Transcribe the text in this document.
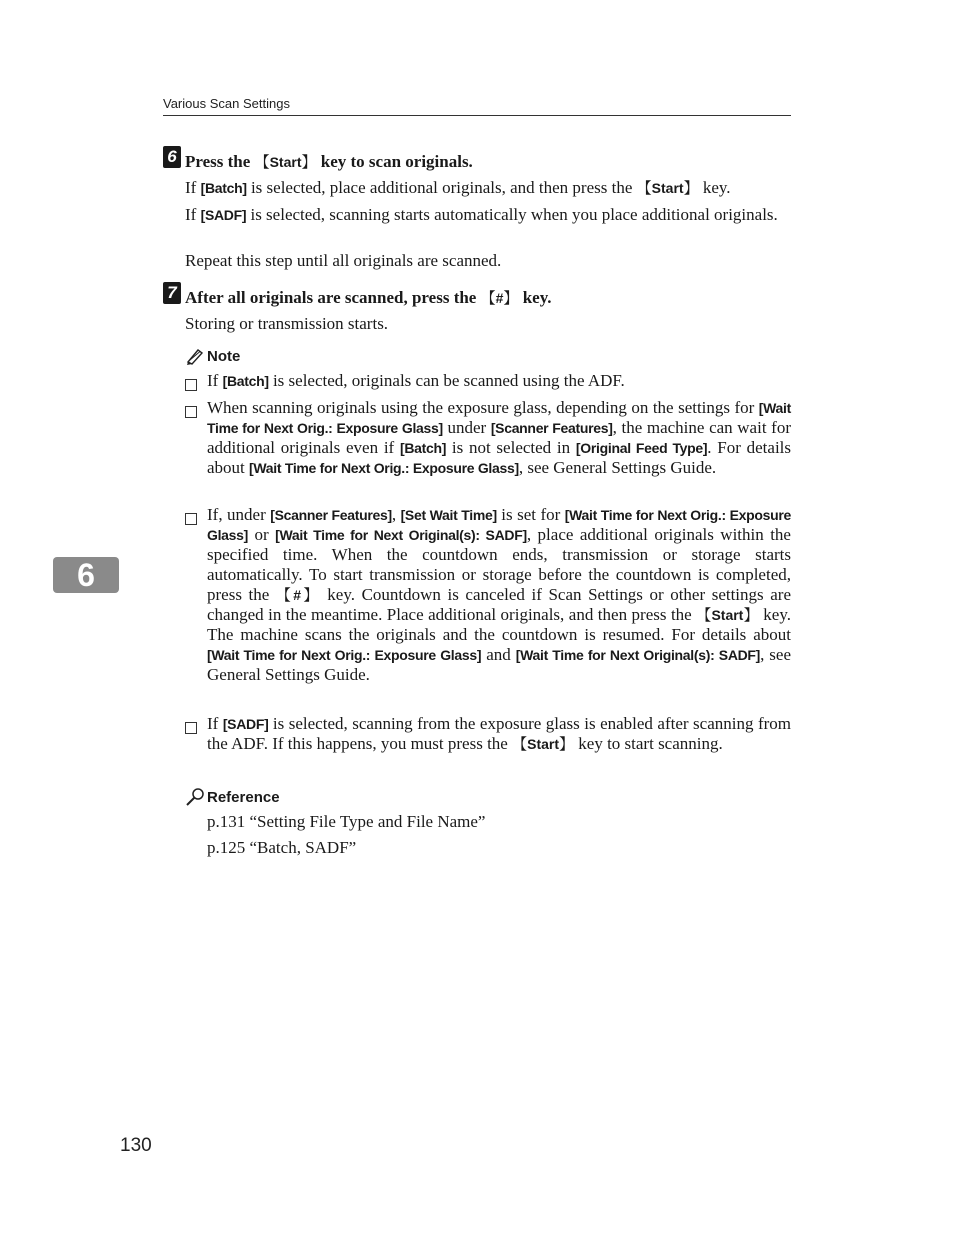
Various Scan Settings
6
6 Press the 【Start】 key to scan originals.
If [Batch] is selected, place additional originals, and then press the 【Start】 key.
If [SADF] is selected, scanning starts automatically when you place additional originals.
Repeat this step until all originals are scanned.
7 After all originals are scanned, press the 【#】 key.
Storing or transmission starts.
Note
If [Batch] is selected, originals can be scanned using the ADF.
When scanning originals using the exposure glass, depending on the settings for [Wait Time for Next Orig.: Exposure Glass] under [Scanner Features], the machine can wait for additional originals even if [Batch] is not selected in [Original Feed Type]. For details about [Wait Time for Next Orig.: Exposure Glass], see General Settings Guide.
If, under [Scanner Features], [Set Wait Time] is set for [Wait Time for Next Orig.: Exposure Glass] or [Wait Time for Next Original(s): SADF], place additional originals within the specified time. When the countdown ends, transmission or storage starts automatically. To start transmission or storage before the countdown is completed, press the 【#】 key. Countdown is canceled if Scan Settings or other settings are changed in the meantime. Place additional originals, and then press the 【Start】 key. The machine scans the originals and the countdown is resumed. For details about [Wait Time for Next Orig.: Exposure Glass] and [Wait Time for Next Original(s): SADF], see General Settings Guide.
If [SADF] is selected, scanning from the exposure glass is enabled after scanning from the ADF. If this happens, you must press the 【Start】 key to start scanning.
Reference
p.131 “Setting File Type and File Name”
p.125 “Batch, SADF”
130
